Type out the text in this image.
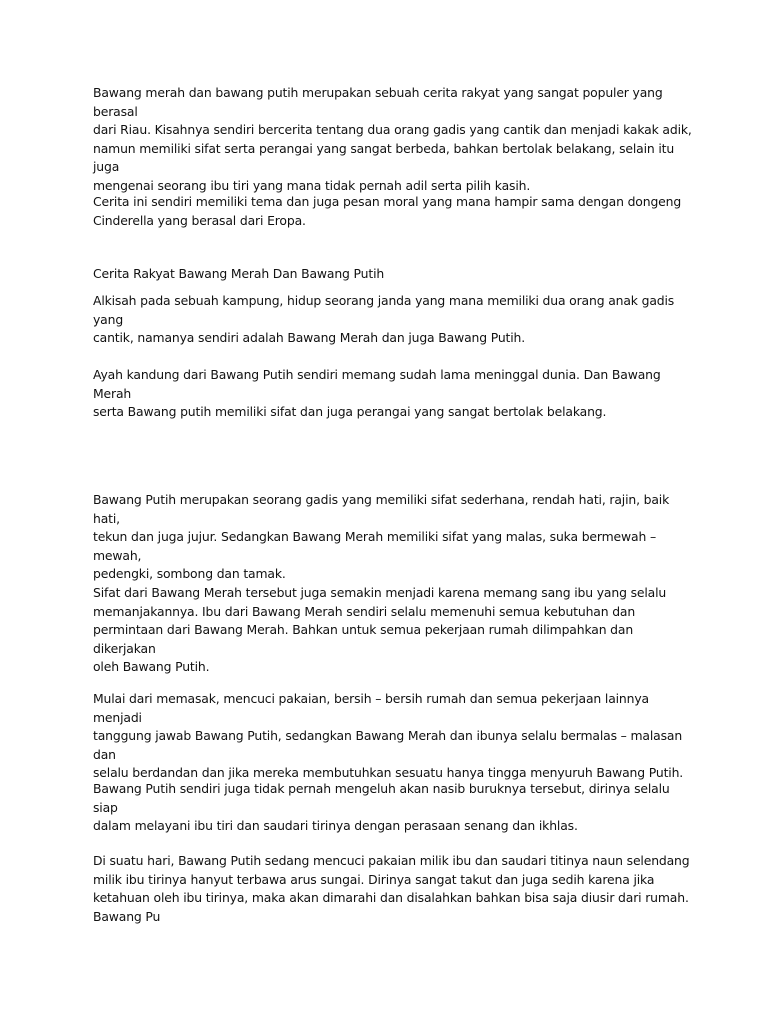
Bawang merah dan bawang putih merupakan sebuah cerita rakyat yang sangat populer yang berasal
dari Riau. Kisahnya sendiri bercerita tentang dua orang gadis yang cantik dan menjadi kakak adik,
namun memiliki sifat serta perangai yang sangat berbeda, bahkan bertolak belakang, selain itu juga
mengenai seorang ibu tiri yang mana tidak pernah adil serta pilih kasih.

Cerita ini sendiri memiliki tema dan juga pesan moral yang mana hampir sama dengan dongeng
Cinderella yang berasal dari Eropa.

Cerita Rakyat Bawang Merah Dan Bawang Putih

Alkisah pada sebuah kampung, hidup seorang janda yang mana memiliki dua orang anak gadis yang
cantik, namanya sendiri adalah Bawang Merah dan juga Bawang Putih.

Ayah kandung dari Bawang Putih sendiri memang sudah lama meninggal dunia. Dan Bawang Merah
serta Bawang putih memiliki sifat dan juga perangai yang sangat bertolak belakang.

Bawang Putih merupakan seorang gadis yang memiliki sifat sederhana, rendah hati, rajin, baik hati,
tekun dan juga jujur. Sedangkan Bawang Merah memiliki sifat yang malas, suka bermewah – mewah,
pedengki, sombong dan tamak.

Sifat dari Bawang Merah tersebut juga semakin menjadi karena memang sang ibu yang selalu
memanjakannya. Ibu dari Bawang Merah sendiri selalu memenuhi semua kebutuhan dan
permintaan dari Bawang Merah. Bahkan untuk semua pekerjaan rumah dilimpahkan dan dikerjakan
oleh Bawang Putih.

Mulai dari memasak, mencuci pakaian, bersih – bersih rumah dan semua pekerjaan lainnya menjadi
tanggung jawab Bawang Putih, sedangkan Bawang Merah dan ibunya selalu bermalas – malasan dan
selalu berdandan dan jika mereka membutuhkan sesuatu hanya tingga menyuruh Bawang Putih.

Bawang Putih sendiri juga tidak pernah mengeluh akan nasib buruknya tersebut, dirinya selalu siap
dalam melayani ibu tiri dan saudari tirinya dengan perasaan senang dan ikhlas.

Di suatu hari, Bawang Putih sedang mencuci pakaian milik ibu dan saudari titinya naun selendang
milik ibu tirinya hanyut terbawa arus sungai. Dirinya sangat takut dan juga sedih karena jika
ketahuan oleh ibu tirinya, maka akan dimarahi dan disalahkan bahkan bisa saja diusir dari rumah.
Bawang Pu
